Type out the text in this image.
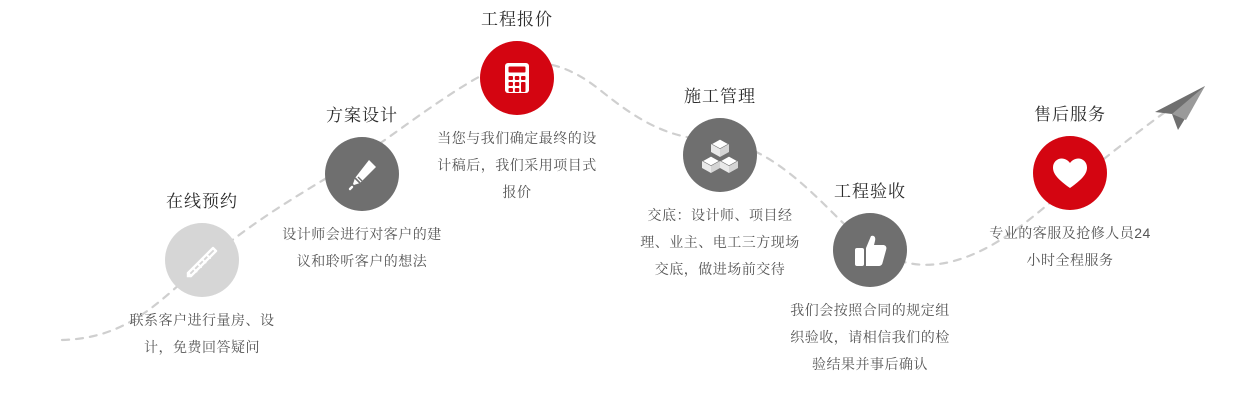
在线预约
联系客户进行量房、设计，免费回答疑问
方案设计
设计师会进行对客户的建议和聆听客户的想法
工程报价
当您与我们确定最终的设计稿后，我们采用项目式报价
施工管理
交底：设计师、项目经理、业主、电工三方现场交底，做进场前交待
工程验收
我们会按照合同的规定组织验收，请相信我们的检验结果并事后确认
售后服务
专业的客服及抢修人员24小时全程服务
